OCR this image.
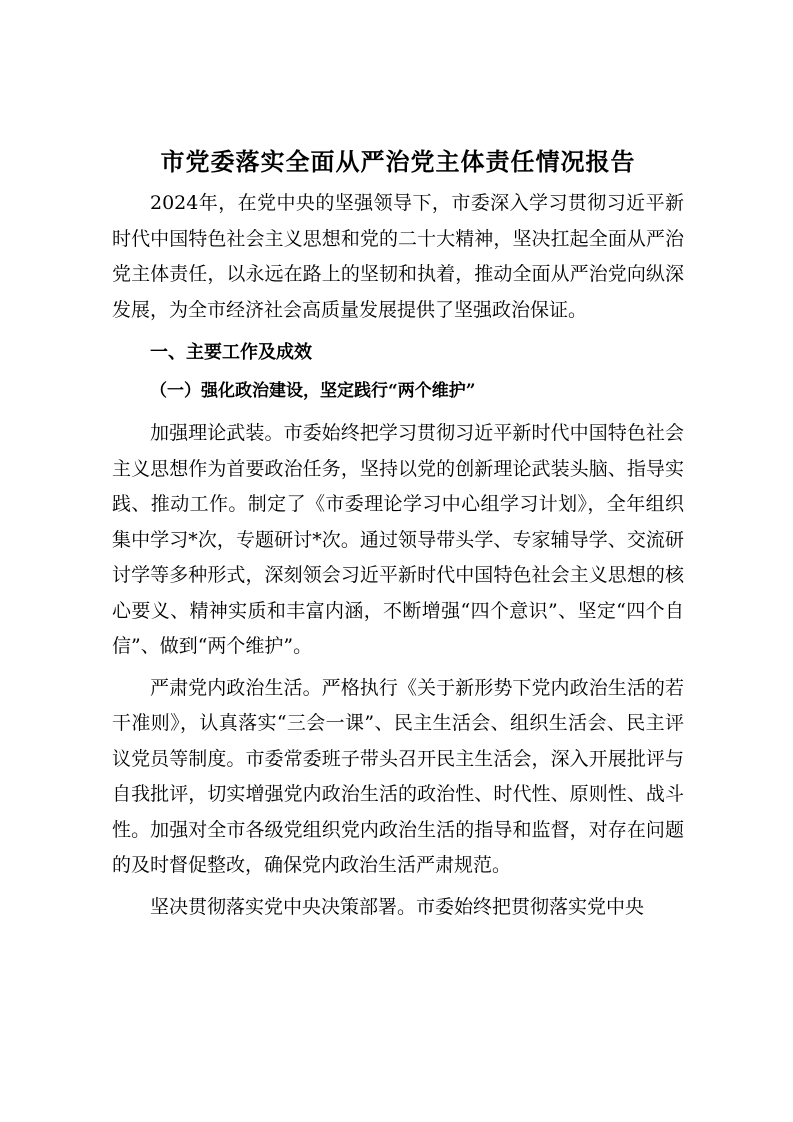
市党委落实全面从严治党主体责任情况报告

2024年，在党中央的坚强领导下，市委深入学习贯彻习近平新时代中国特色社会主义思想和党的二十大精神，坚决扛起全面从严治党主体责任，以永远在路上的坚韧和执着，推动全面从严治党向纵深发展，为全市经济社会高质量发展提供了坚强政治保证。

一、主要工作及成效
（一）强化政治建设，坚定践行“两个维护”

加强理论武装。市委始终把学习贯彻习近平新时代中国特色社会主义思想作为首要政治任务，坚持以党的创新理论武装头脑、指导实践、推动工作。制定了《市委理论学习中心组学习计划》，全年组织集中学习*次，专题研讨*次。通过领导带头学、专家辅导学、交流研讨学等多种形式，深刻领会习近平新时代中国特色社会主义思想的核心要义、精神实质和丰富内涵，不断增强“四个意识”、坚定“四个自信”、做到“两个维护”。

严肃党内政治生活。严格执行《关于新形势下党内政治生活的若干准则》，认真落实“三会一课”、民主生活会、组织生活会、民主评议党员等制度。市委常委班子带头召开民主生活会，深入开展批评与自我批评，切实增强党内政治生活的政治性、时代性、原则性、战斗性。加强对全市各级党组织党内政治生活的指导和监督，对存在问题的及时督促整改，确保党内政治生活严肃规范。

坚决贯彻落实党中央决策部署。市委始终把贯彻落实党中央
